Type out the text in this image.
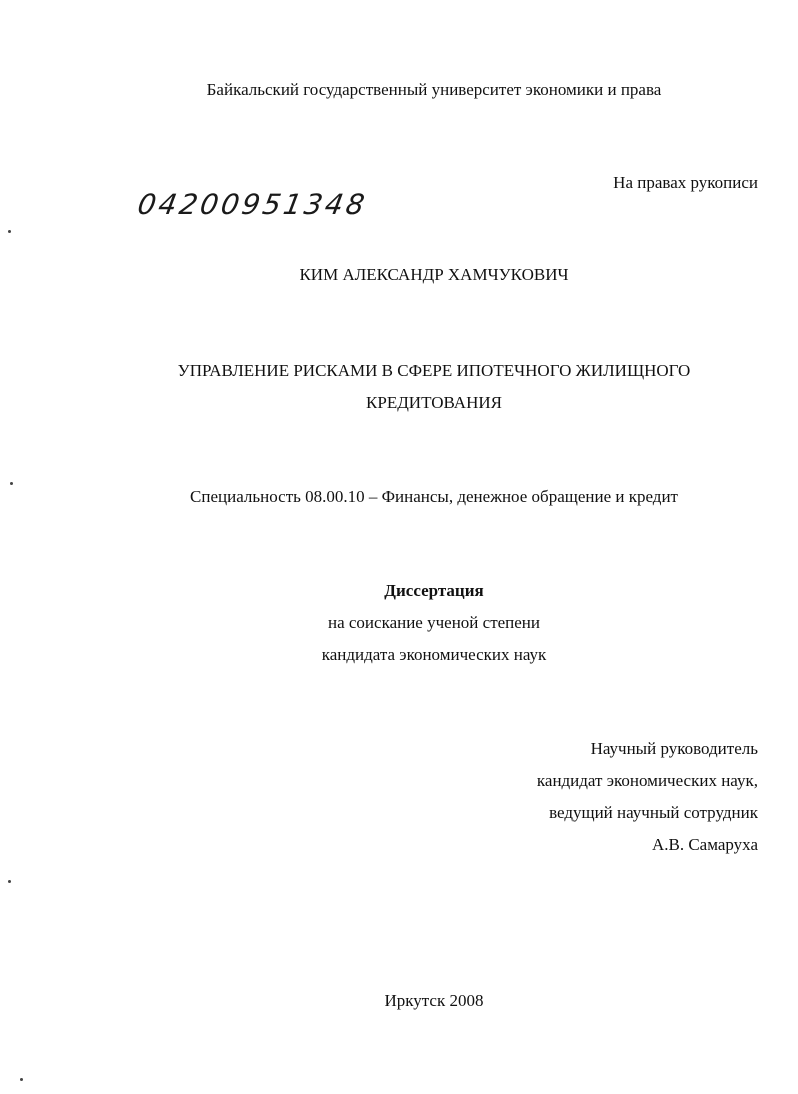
Байкальский государственный университет экономики и права
На правах рукописи
04200951348
КИМ АЛЕКСАНДР ХАМЧУКОВИЧ
УПРАВЛЕНИЕ РИСКАМИ В СФЕРЕ ИПОТЕЧНОГО ЖИЛИЩНОГО
КРЕДИТОВАНИЯ
Специальность 08.00.10 – Финансы, денежное обращение и кредит
Диссертация
на соискание ученой степени
кандидата экономических наук
Научный руководитель
кандидат экономических наук,
ведущий научный сотрудник
А.В. Самаруха
Иркутск 2008
